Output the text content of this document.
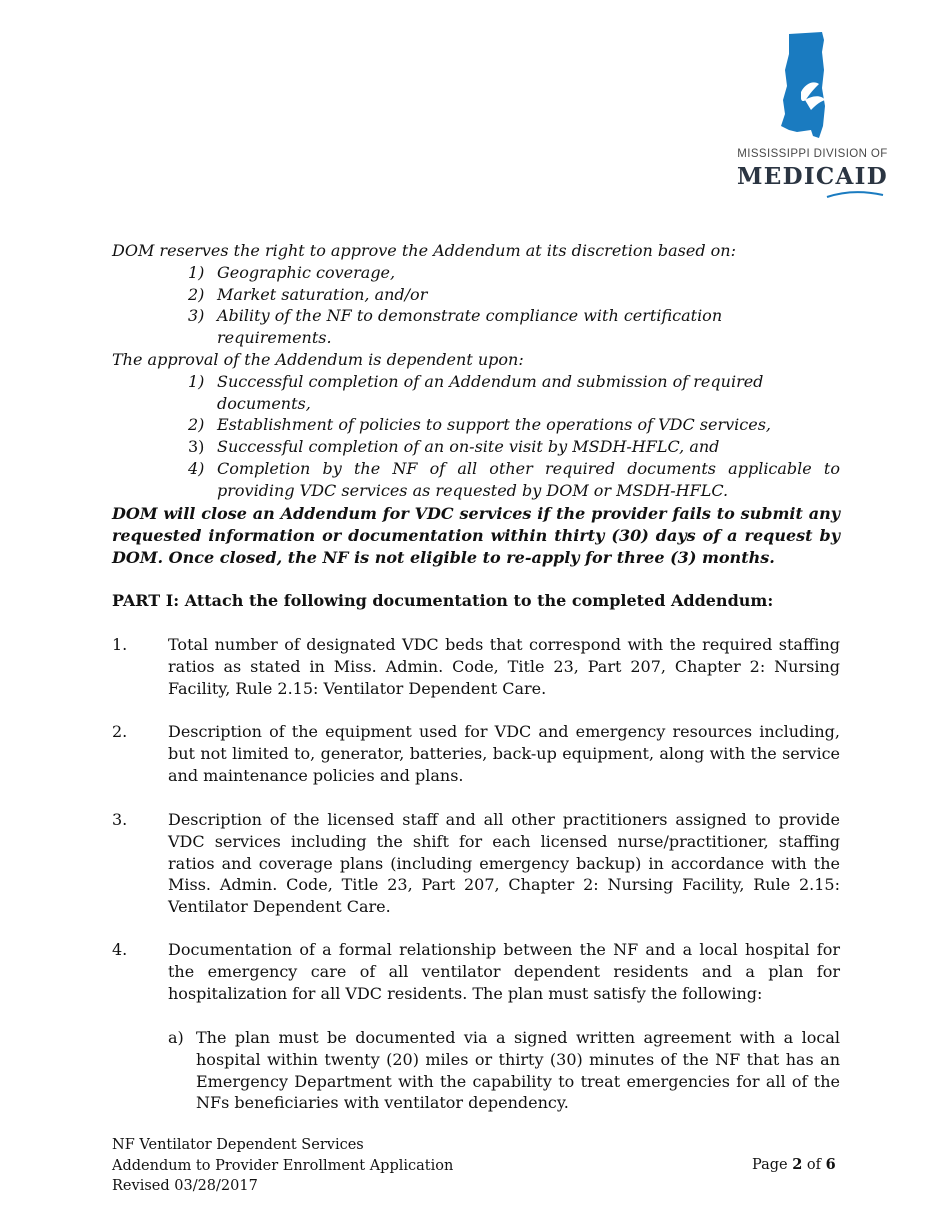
MISSISSIPPI DIVISION OF
MEDICAID
DOM reserves the right to approve the Addendum at its discretion based on:
1) Geographic coverage,
2) Market saturation, and/or
3) Ability of the NF to demonstrate compliance with certification requirements.
The approval of the Addendum is dependent upon:
1) Successful completion of an Addendum and submission of required documents,
2) Establishment of policies to support the operations of VDC services,
3) Successful completion of an on-site visit by MSDH-HFLC, and
4) Completion by the NF of all other required documents applicable to providing VDC services as requested by DOM or MSDH-HFLC.
DOM will close an Addendum for VDC services if the provider fails to submit any requested information or documentation within thirty (30) days of a request by DOM. Once closed, the NF is not eligible to re-apply for three (3) months.
PART I: Attach the following documentation to the completed Addendum:
1.	Total number of designated VDC beds that correspond with the required staffing ratios as stated in Miss. Admin. Code, Title 23, Part 207, Chapter 2: Nursing Facility, Rule 2.15: Ventilator Dependent Care.
2.	Description of the equipment used for VDC and emergency resources including, but not limited to, generator, batteries, back-up equipment, along with the service and maintenance policies and plans.
3.	Description of the licensed staff and all other practitioners assigned to provide VDC services including the shift for each licensed nurse/practitioner, staffing ratios and coverage plans (including emergency backup) in accordance with the Miss. Admin. Code, Title 23, Part 207, Chapter 2: Nursing Facility, Rule 2.15: Ventilator Dependent Care.
4.	Documentation of a formal relationship between the NF and a local hospital for the emergency care of all ventilator dependent residents and a plan for hospitalization for all VDC residents. The plan must satisfy the following:
a) The plan must be documented via a signed written agreement with a local hospital within twenty (20) miles or thirty (30) minutes of the NF that has an Emergency Department with the capability to treat emergencies for all of the NFs beneficiaries with ventilator dependency.
NF Ventilator Dependent Services
Addendum to Provider Enrollment Application
Revised 03/28/2017
Page 2 of 6
